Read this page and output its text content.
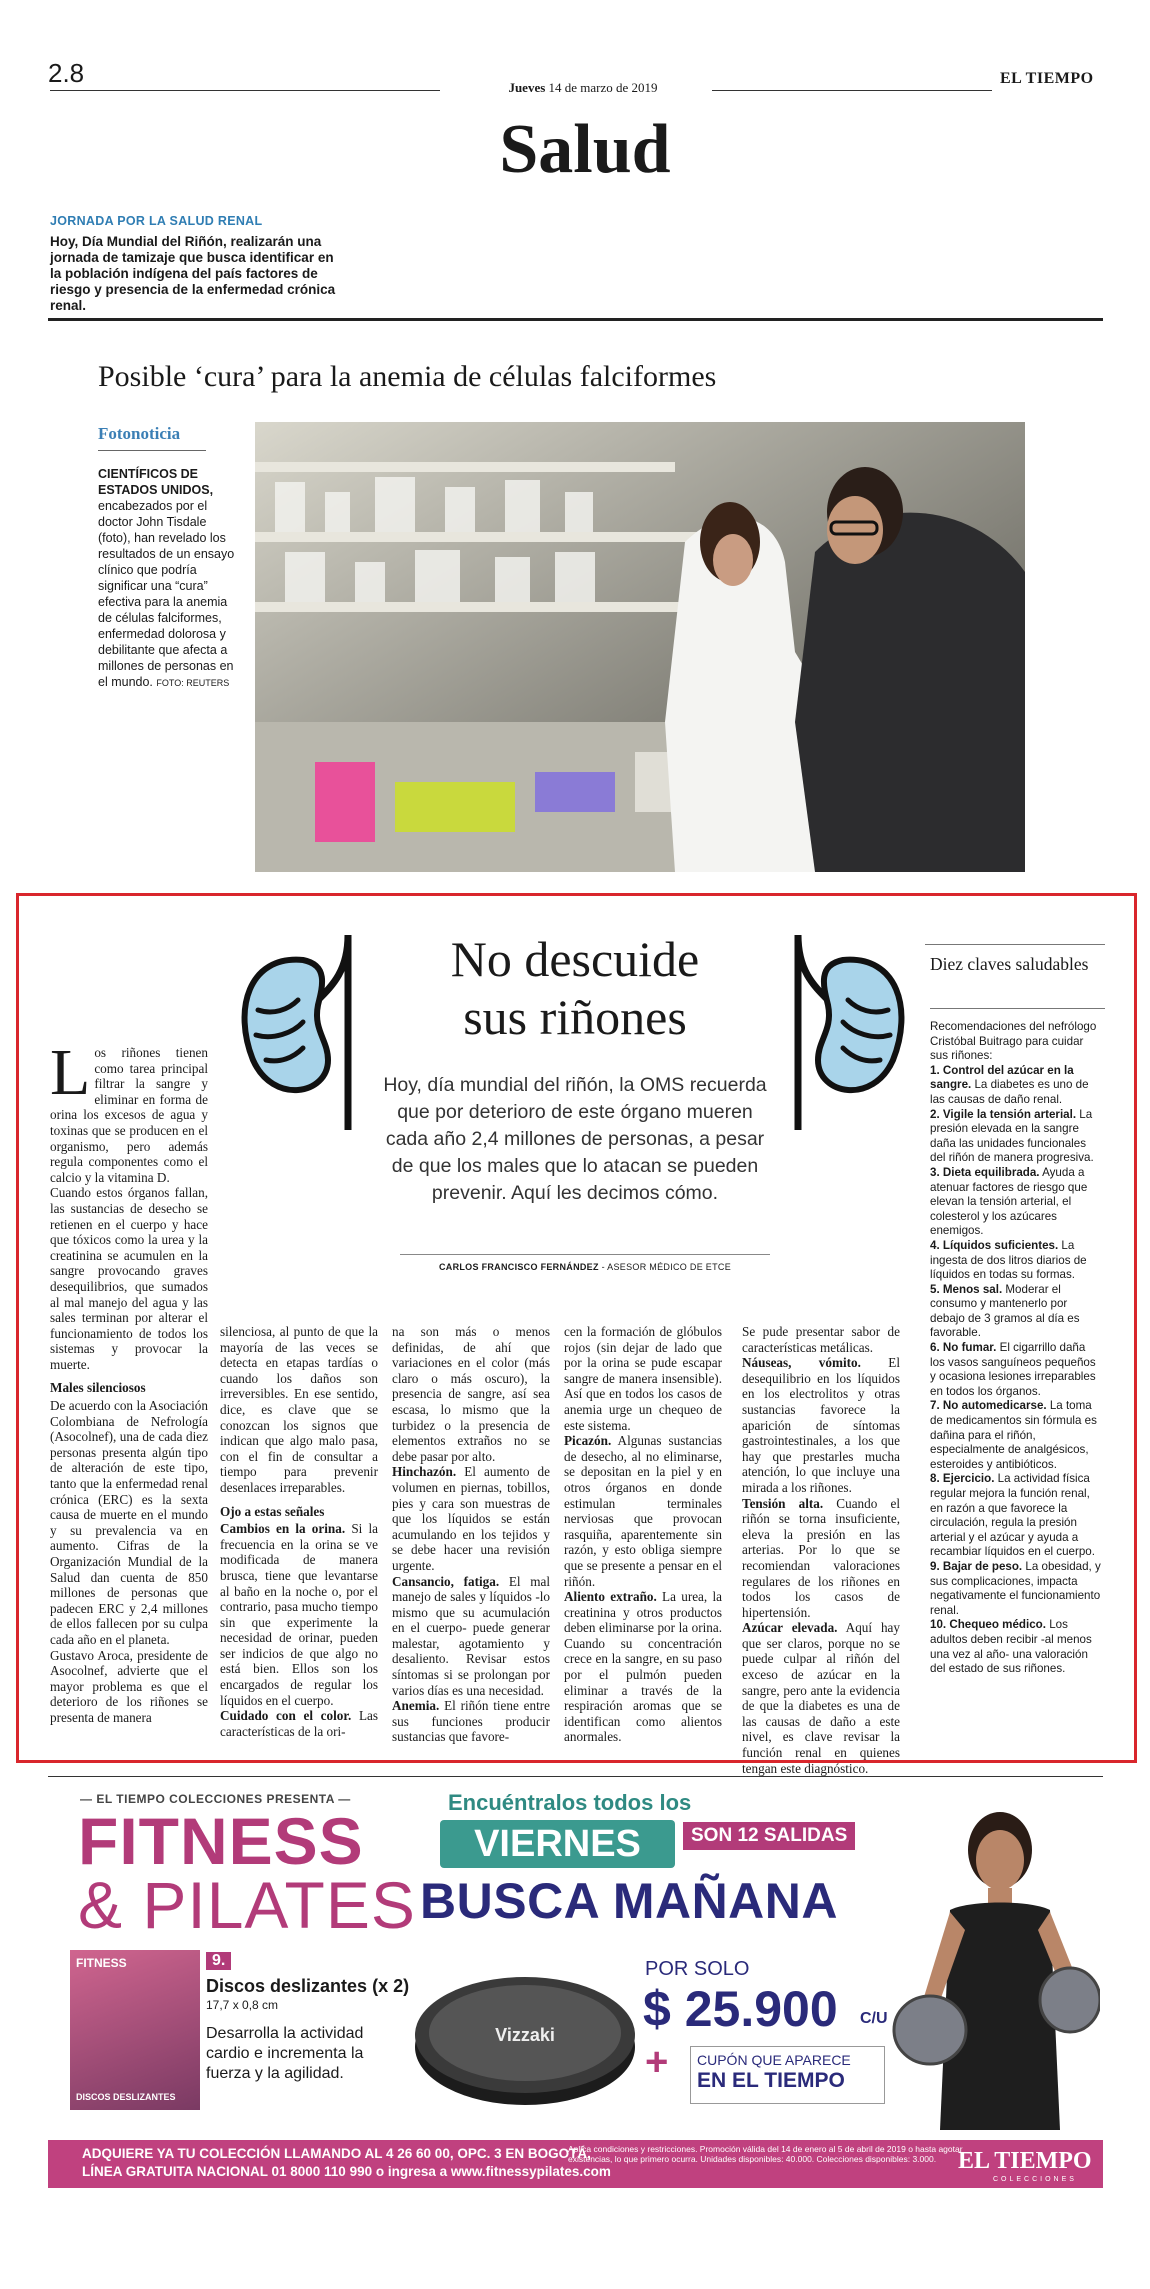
2.8	Jueves 14 de marzo de 2019
EL TIEMPO
Salud
JORNADA POR LA SALUD RENAL
Hoy, Día Mundial del Riñón, realizarán una jornada de tamizaje que busca identificar en la población indígena del país factores de riesgo y presencia de la enfermedad crónica renal.
Posible ‘cura’ para la anemia de células falciformes
Fotonoticia
CIENTÍFICOS DE ESTADOS UNIDOS, encabezados por el doctor John Tisdale (foto), han revelado los resultados de un ensayo clínico que podría significar una “cura” efectiva para la anemia de células falciformes, enfermedad dolorosa y debilitante que afecta a millones de personas en el mundo. FOTO: REUTERS
No descuide
sus riñones
Hoy, día mundial del riñón, la OMS recuerda que por deterioro de este órgano mueren cada año 2,4 millones de personas, a pesar de que los males que lo atacan se pueden prevenir. Aquí les decimos cómo.
CARLOS FRANCISCO FERNÁNDEZ - ASESOR MÉDICO DE ETCE
L os riñones tienen como tarea principal filtrar la sangre y eliminar en forma de orina los excesos de agua y toxinas que se producen en el organismo, pero además regula componentes como el calcio y la vitamina D.

Cuando estos órganos fallan, las sustancias de desecho se retienen en el cuerpo y hace que tóxicos como la urea y la creatinina se acumulen en la sangre provocando graves desequilibrios, que sumados al mal manejo del agua y las sales terminan por alterar el funcionamiento de todos los sistemas y provocar la muerte.

Males silenciosos

De acuerdo con la Asociación Colombiana de Nefrología (Asocolnef), una de cada diez personas presenta algún tipo de alteración de este tipo, tanto que la enfermedad renal crónica (ERC) es la sexta causa de muerte en el mundo y su prevalencia va en aumento. Cifras de la Organización Mundial de la Salud dan cuenta de 850 millones de personas que padecen ERC y 2,4 millones de ellos fallecen por su culpa cada año en el planeta.

Gustavo Aroca, presidente de Asocolnef, advierte que el mayor problema es que el deterioro de los riñones se presenta de manera

silenciosa, al punto de que la mayoría de las veces se detecta en etapas tardías o cuando los daños son irreversibles. En ese sentido, dice, es clave que se conozcan los signos que indican que algo malo pasa, con el fin de consultar a tiempo para prevenir desenlaces irreparables.

Ojo a estas señales

Cambios en la orina. Si la frecuencia en la orina se ve modificada de manera brusca, tiene que levantarse al baño en la noche o, por el contrario, pasa mucho tiempo sin que experimente la necesidad de orinar, pueden ser indicios de que algo no está bien. Ellos son los encargados de regular los líquidos en el cuerpo.

Cuidado con el color. Las características de la ori-

na son más o menos definidas, de ahí que variaciones en el color (más claro o más oscuro), la presencia de sangre, así sea escasa, lo mismo que la turbidez o la presencia de elementos extraños no se debe pasar por alto.

Hinchazón. El aumento de volumen en piernas, tobillos, pies y cara son muestras de que los líquidos se están acumulando en los tejidos y se debe hacer una revisión urgente.

Cansancio, fatiga. El mal manejo de sales y líquidos -lo mismo que su acumulación en el cuerpo- puede generar malestar, agotamiento y desaliento. Revisar estos síntomas si se prolongan por varios días es una necesidad.

Anemia. El riñón tiene entre sus funciones producir sustancias que favore-

cen la formación de glóbulos rojos (sin dejar de lado que por la orina se pude escapar sangre de manera insensible). Así que en todos los casos de anemia urge un chequeo de este sistema.

Picazón. Algunas sustancias de desecho, al no eliminarse, se depositan en la piel y en otros órganos en donde estimulan terminales nerviosas que provocan rasquiña, aparentemente sin razón, y esto obliga siempre que se presente a pensar en el riñón.

Aliento extraño. La urea, la creatinina y otros productos deben eliminarse por la orina. Cuando su concentración crece en la sangre, en su paso por el pulmón pueden eliminar a través de la respiración aromas que se identifican como alientos anormales.

Se pude presentar sabor de características metálicas.

Náuseas, vómito. El desequilibrio en los líquidos en los electrolitos y otras sustancias favorece la aparición de síntomas gastrointestinales, a los que hay que prestarles mucha atención, lo que incluye una mirada a los riñones.

Tensión alta. Cuando el riñón se torna insuficiente, eleva la presión en las arterias. Por lo que se recomiendan valoraciones regulares de los riñones en todos los casos de hipertensión.

Azúcar elevada. Aquí hay que ser claros, porque no se puede culpar al riñón del exceso de azúcar en la sangre, pero ante la evidencia de que la diabetes es una de las causas de daño a este nivel, es clave revisar la función renal en quienes tengan este diagnóstico.

Diez claves saludables

Recomendaciones del nefrólogo Cristóbal Buitrago para cuidar sus riñones:

1. Control del azúcar en la sangre. La diabetes es uno de las causas de daño renal.

2. Vigile la tensión arterial. La presión elevada en la sangre daña las unidades funcionales del riñón de manera progresiva.

3. Dieta equilibrada. Ayuda a atenuar factores de riesgo que elevan la tensión arterial, el colesterol y los azúcares enemigos.

4. Líquidos suficientes. La ingesta de dos litros diarios de líquidos en todas su formas.

5. Menos sal. Moderar el consumo y mantenerlo por debajo de 3 gramos al día es favorable.

6. No fumar. El cigarrillo daña los vasos sanguíneos pequeños y ocasiona lesiones irreparables en todos los órganos.

7. No automedicarse. La toma de medicamentos sin fórmula es dañina para el riñón, especialmente de analgésicos, esteroides y antibióticos.

8. Ejercicio. La actividad física regular mejora la función renal, en razón a que favorece la circulación, regula la presión arterial y el azúcar y ayuda a recambiar líquidos en el cuerpo.

9. Bajar de peso. La obesidad, y sus complicaciones, impacta negativamente el funcionamiento renal.

10. Chequeo médico. Los adultos deben recibir -al menos una vez al año- una valoración del estado de sus riñones.

— EL TIEMPO COLECCIONES PRESENTA —
FITNESS
& PILATES
FITNESS
DISCOS DESLIZANTES
9.
Discos deslizantes (x 2)
17,7 x 0,8 cm
Desarrolla la actividad cardio e incrementa la fuerza y la agilidad.
Encuéntralos todos los
VIERNES	SON 12 SALIDAS
BUSCA MAÑANA
Vizzaki
POR SOLO
$ 25.900 C/U
+ CUPÓN QUE APARECE
EN EL TIEMPO
ADQUIERE YA TU COLECCIÓN LLAMANDO AL 4 26 60 00, OPC. 3 EN BOGOTÁ,
LÍNEA GRATUITA NACIONAL 01 8000 110 990 o ingresa a www.fitnessypilates.com
Aplica condiciones y restricciones. Promoción válida del 14 de enero al 5 de abril de 2019 o hasta agotar existencias, lo que primero ocurra. Unidades disponibles: 40.000. Colecciones disponibles: 3.000. EL TIEMPO
COLECCIONES
